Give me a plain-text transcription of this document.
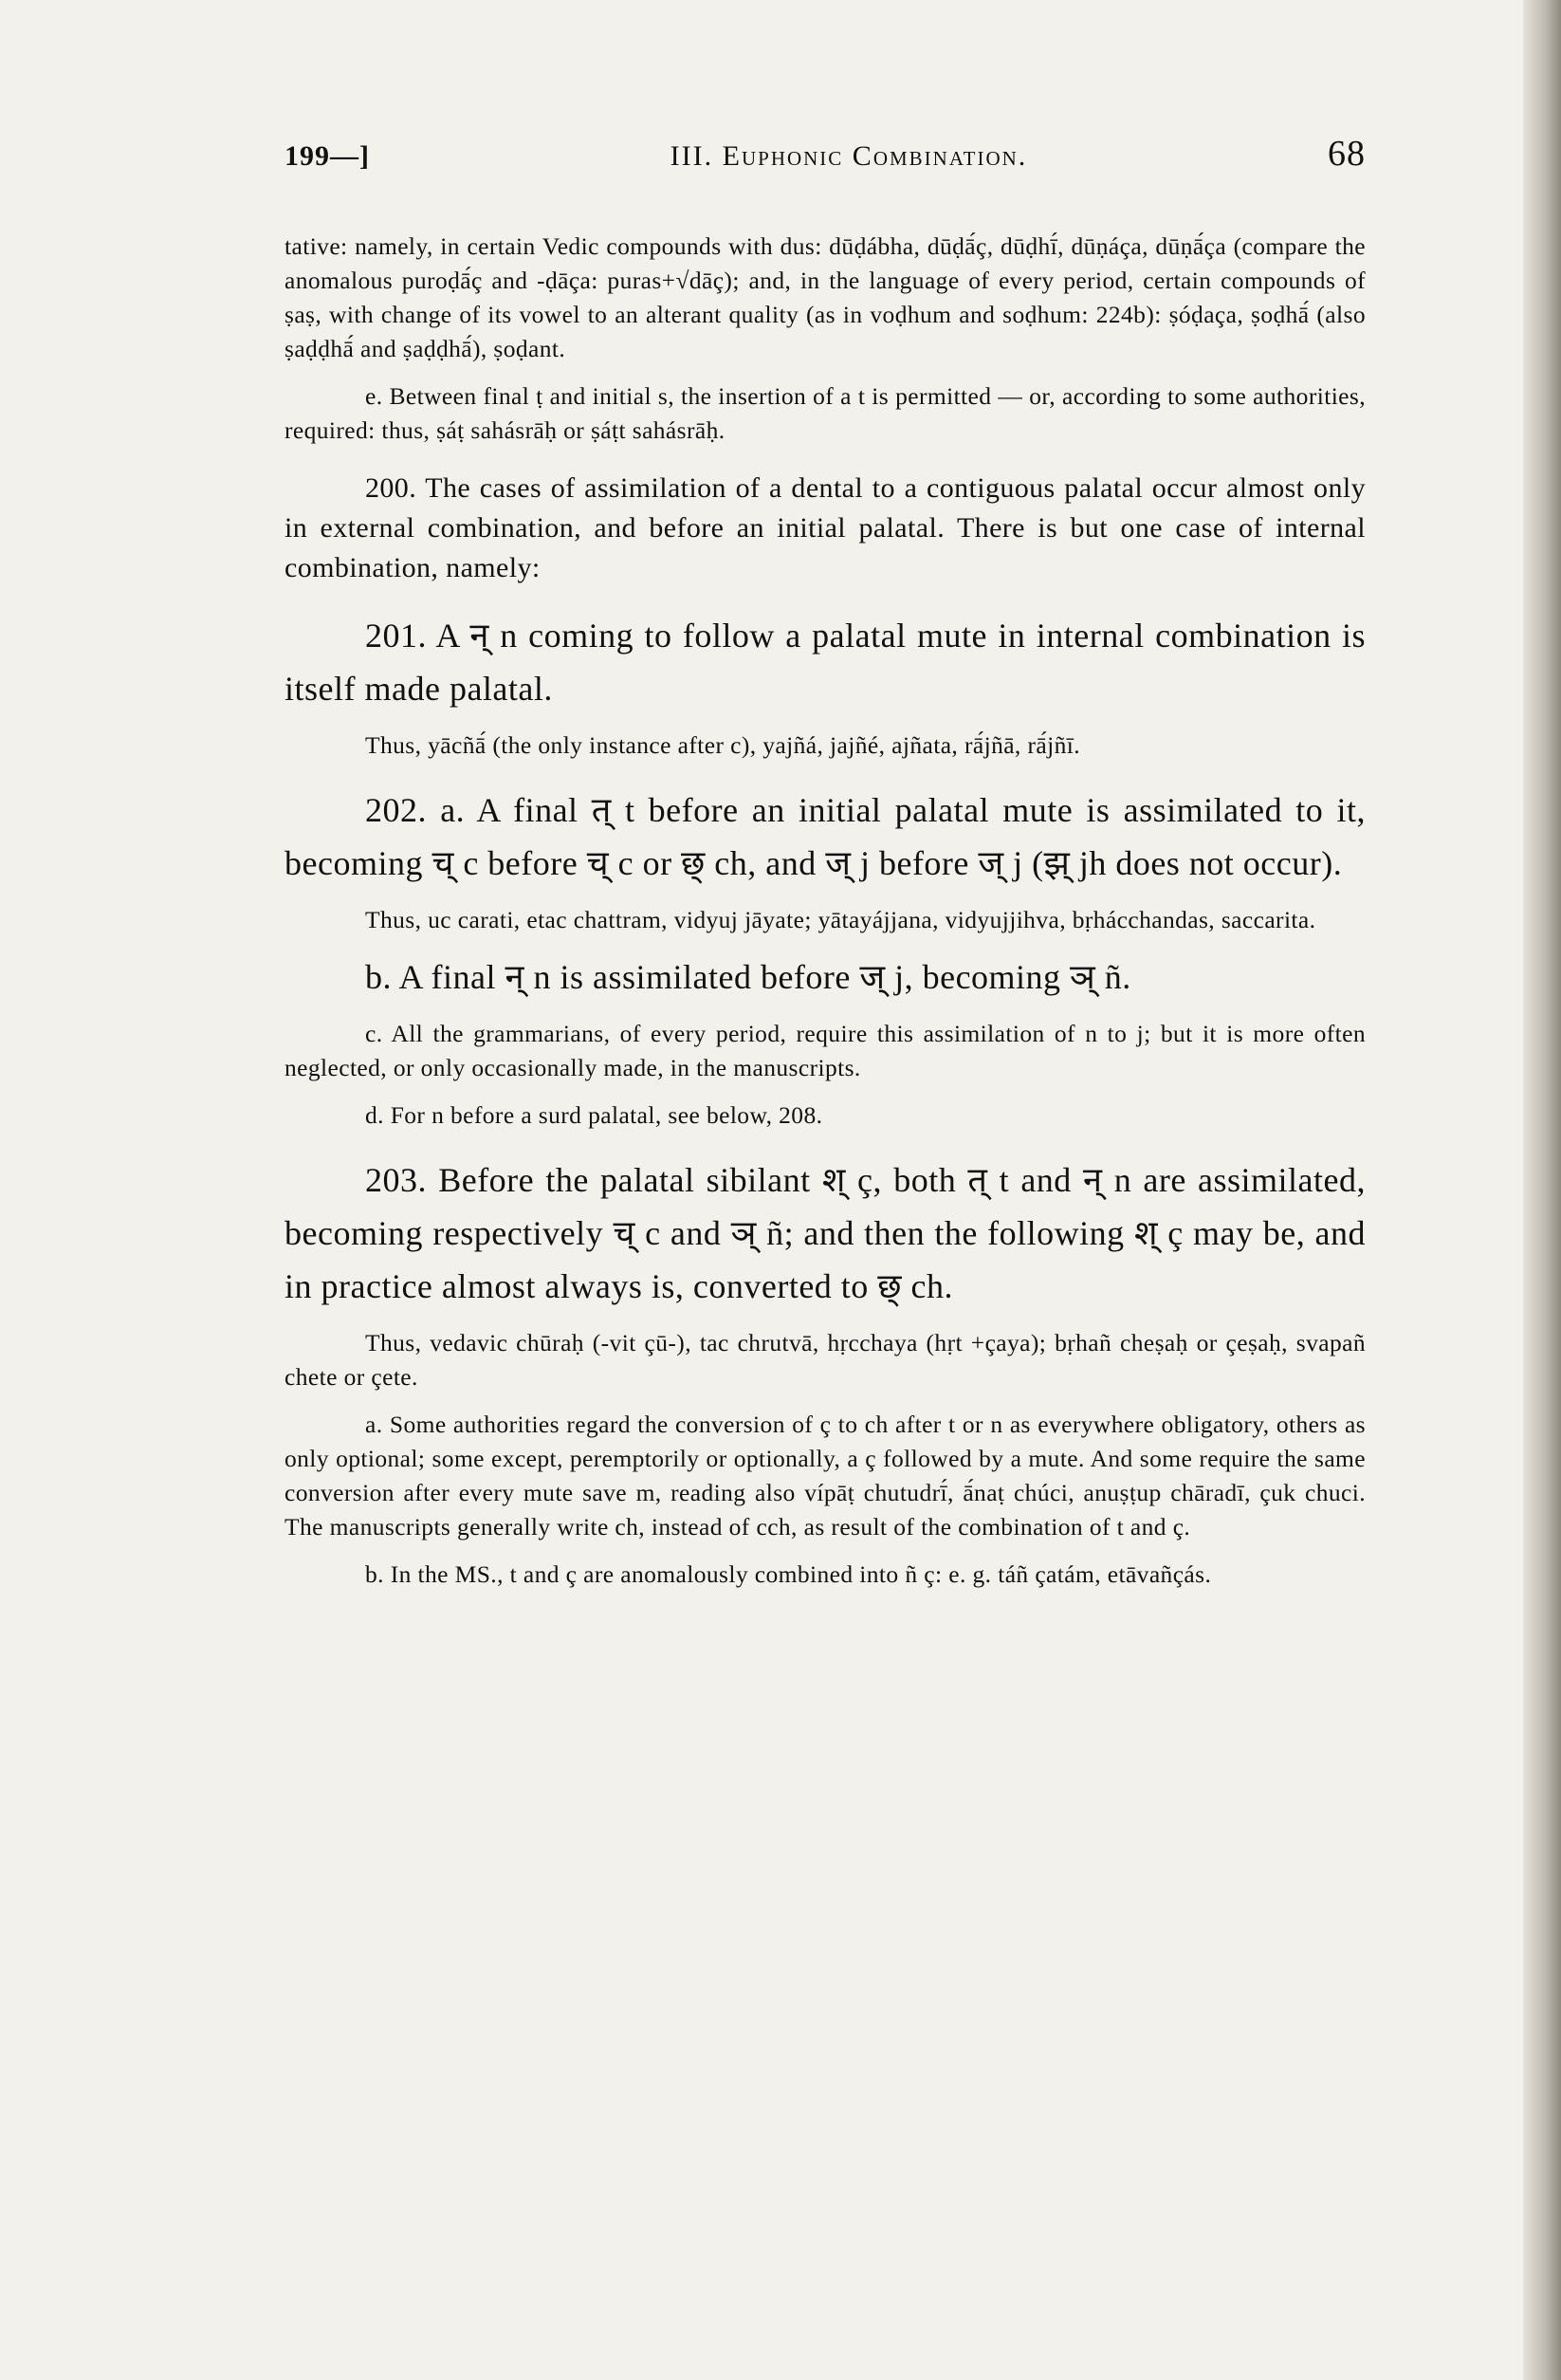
199—]	III. Euphonic Combination.	68

tative: namely, in certain Vedic compounds with dus: dūḍábha, dūḍā́ç, dūḍhī́, dūṇáça, dūṇā́ça (compare the anomalous puroḍā́ç and -ḍāça: puras+√dāç); and, in the language of every period, certain compounds of ṣaṣ, with change of its vowel to an alterant quality (as in voḍhum and soḍhum: 224b): ṣóḍaça, ṣoḍhā́ (also ṣaḍḍhā́ and ṣaḍḍhā́), ṣoḍant.

e. Between final ṭ and initial s, the insertion of a t is permitted — or, according to some authorities, required: thus, ṣáṭ sahásrāḥ or ṣáṭt sahásrāḥ.

200. The cases of assimilation of a dental to a contiguous palatal occur almost only in external combination, and before an initial palatal. There is but one case of internal combination, namely:

201. A न् n coming to follow a palatal mute in internal combination is itself made palatal.

Thus, yācñā́ (the only instance after c), yajñá, jajñé, ajñata, rā́jñā, rā́jñī.

202. a. A final त् t before an initial palatal mute is assimilated to it, becoming च् c before च् c or छ् ch, and ज् j before ज् j (झ् jh does not occur).

Thus, uc carati, etac chattram, vidyuj jāyate; yātayájjana, vidyujjihva, bṛhácchandas, saccarita.

b. A final न् n is assimilated before ज् j, becoming ञ् ñ.

c. All the grammarians, of every period, require this assimilation of n to j; but it is more often neglected, or only occasionally made, in the manuscripts.

d. For n before a surd palatal, see below, 208.

203. Before the palatal sibilant श् ç, both त् t and न् n are assimilated, becoming respectively च् c and ञ् ñ; and then the following श् ç may be, and in practice almost always is, converted to छ् ch.

Thus, vedavic chūraḥ (-vit çū-), tac chrutvā, hṛcchaya (hṛt +çaya); bṛhañ cheṣaḥ or çeṣaḥ, svapañ chete or çete.

a. Some authorities regard the conversion of ç to ch after t or n as everywhere obligatory, others as only optional; some except, peremptorily or optionally, a ç followed by a mute. And some require the same conversion after every mute save m, reading also vípāṭ chutudrī́, ā́naṭ chúci, anuṣṭup chāradī, çuk chuci. The manuscripts generally write ch, instead of cch, as result of the combination of t and ç.

b. In the MS., t and ç are anomalously combined into ñ ç: e. g. táñ çatám, etāvañçás.
